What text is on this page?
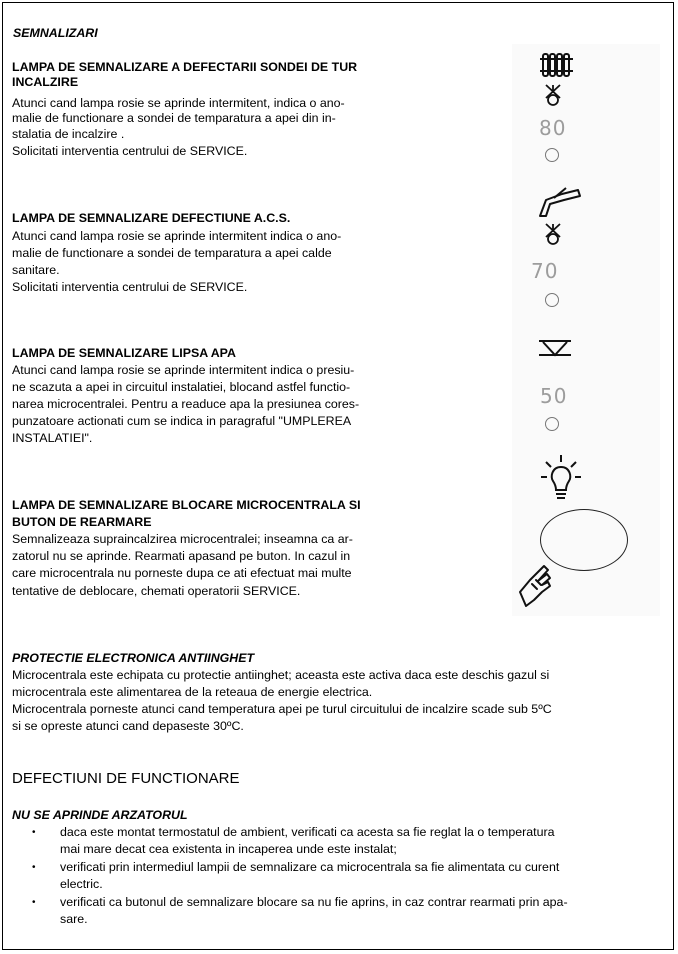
SEMNALIZARI
LAMPA DE SEMNALIZARE A DEFECTARII SONDEI DE TUR
INCALZIRE
Atunci cand lampa rosie se aprinde intermitent, indica o ano-
malie de functionare a sondei de temparatura a apei din in-
stalatia de incalzire .
Solicitati interventia centrului de SERVICE.
LAMPA DE SEMNALIZARE DEFECTIUNE A.C.S.
Atunci cand lampa rosie se aprinde intermitent indica o ano-
malie de functionare a sondei de temparatura a apei calde
sanitare.
Solicitati interventia centrului de SERVICE.
LAMPA DE SEMNALIZARE LIPSA APA
Atunci cand lampa rosie se aprinde intermitent indica o presiu-
ne scazuta a apei in circuitul instalatiei, blocand astfel functio-
narea microcentralei. Pentru a readuce apa la presiunea cores-
punzatoare actionati cum se indica in paragraful "UMPLEREA
INSTALATIEI".
LAMPA DE SEMNALIZARE BLOCARE MICROCENTRALA SI
BUTON DE REARMARE
Semnalizeaza supraincalzirea microcentralei; inseamna ca ar-
zatorul nu se aprinde. Rearmati apasand pe buton. In cazul in
care microcentrala nu porneste dupa ce ati efectuat mai multe
tentative de deblocare, chemati operatorii SERVICE.
80
70
50
PROTECTIE ELECTRONICA ANTIINGHET
Microcentrala este echipata cu protectie antiinghet; aceasta este activa daca este deschis gazul si
microcentrala este alimentarea de la reteaua de energie electrica.
Microcentrala porneste atunci cand temperatura apei pe turul circuitului de incalzire scade sub 5ºC
si se opreste atunci cand depaseste 30ºC.
DEFECTIUNI DE FUNCTIONARE
NU SE APRINDE ARZATORUL
• daca este montat termostatul de ambient, verificati ca acesta sa fie reglat la o temperatura
mai mare decat cea existenta in incaperea unde este instalat;
• verificati prin intermediul lampii de semnalizare ca microcentrala sa fie alimentata cu curent
electric.
• verificati ca butonul de semnalizare blocare sa nu fie aprins, in caz contrar rearmati prin apa-
sare.
